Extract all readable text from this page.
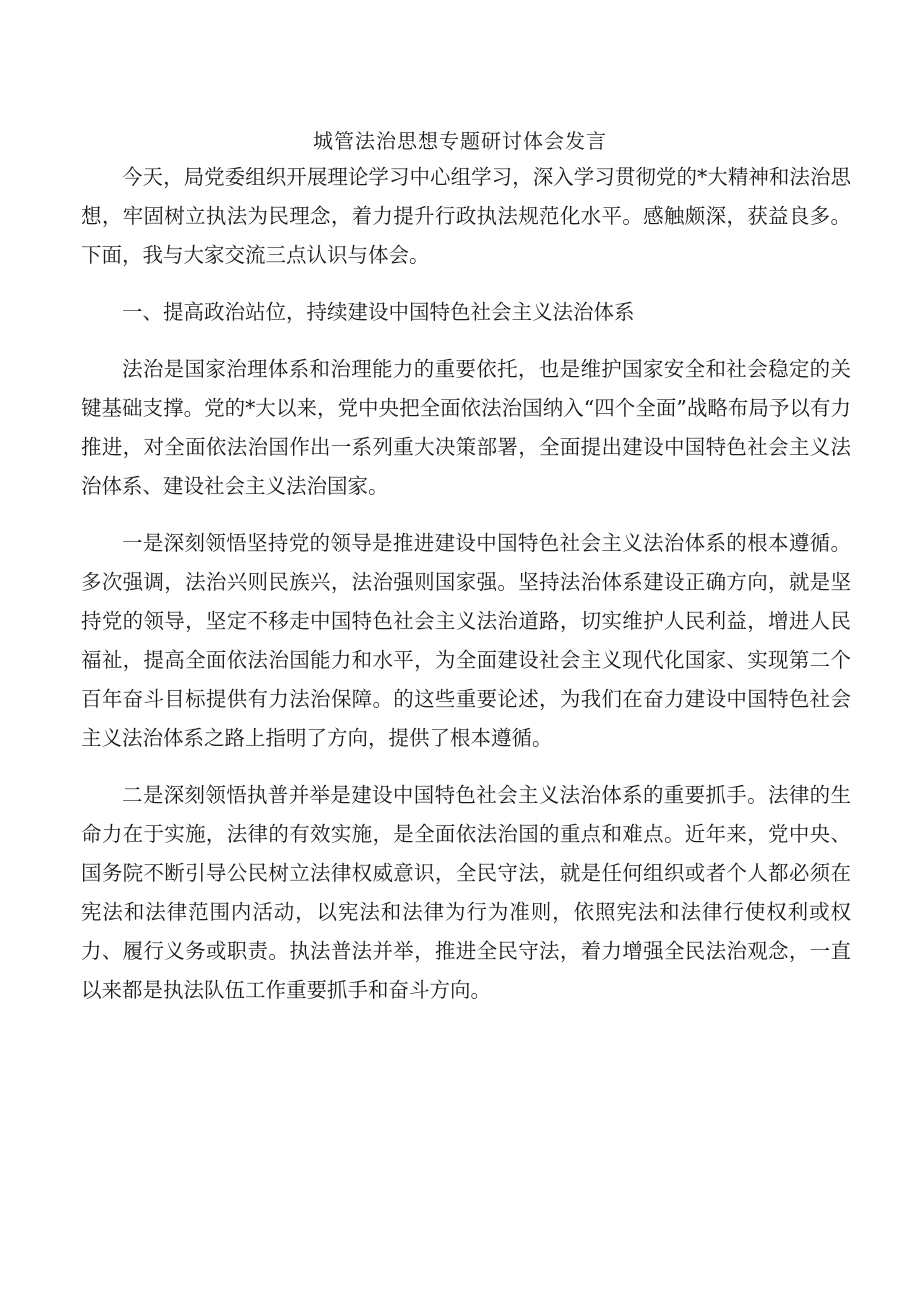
城管法治思想专题研讨体会发言

今天，局党委组织开展理论学习中心组学习，深入学习贯彻党的*大精神和法治思想，牢固树立执法为民理念，着力提升行政执法规范化水平。感触颇深，获益良多。下面，我与大家交流三点认识与体会。

一、提高政治站位，持续建设中国特色社会主义法治体系

法治是国家治理体系和治理能力的重要依托，也是维护国家安全和社会稳定的关键基础支撑。党的*大以来，党中央把全面依法治国纳入“四个全面”战略布局予以有力推进，对全面依法治国作出一系列重大决策部署，全面提出建设中国特色社会主义法治体系、建设社会主义法治国家。

一是深刻领悟坚持党的领导是推进建设中国特色社会主义法治体系的根本遵循。多次强调，法治兴则民族兴，法治强则国家强。坚持法治体系建设正确方向，就是坚持党的领导，坚定不移走中国特色社会主义法治道路，切实维护人民利益，增进人民福祉，提高全面依法治国能力和水平，为全面建设社会主义现代化国家、实现第二个百年奋斗目标提供有力法治保障。的这些重要论述，为我们在奋力建设中国特色社会主义法治体系之路上指明了方向，提供了根本遵循。

二是深刻领悟执普并举是建设中国特色社会主义法治体系的重要抓手。法律的生命力在于实施，法律的有效实施，是全面依法治国的重点和难点。近年来，党中央、国务院不断引导公民树立法律权威意识，全民守法，就是任何组织或者个人都必须在宪法和法律范围内活动，以宪法和法律为行为准则，依照宪法和法律行使权利或权力、履行义务或职责。执法普法并举，推进全民守法，着力增强全民法治观念，一直以来都是执法队伍工作重要抓手和奋斗方向。
